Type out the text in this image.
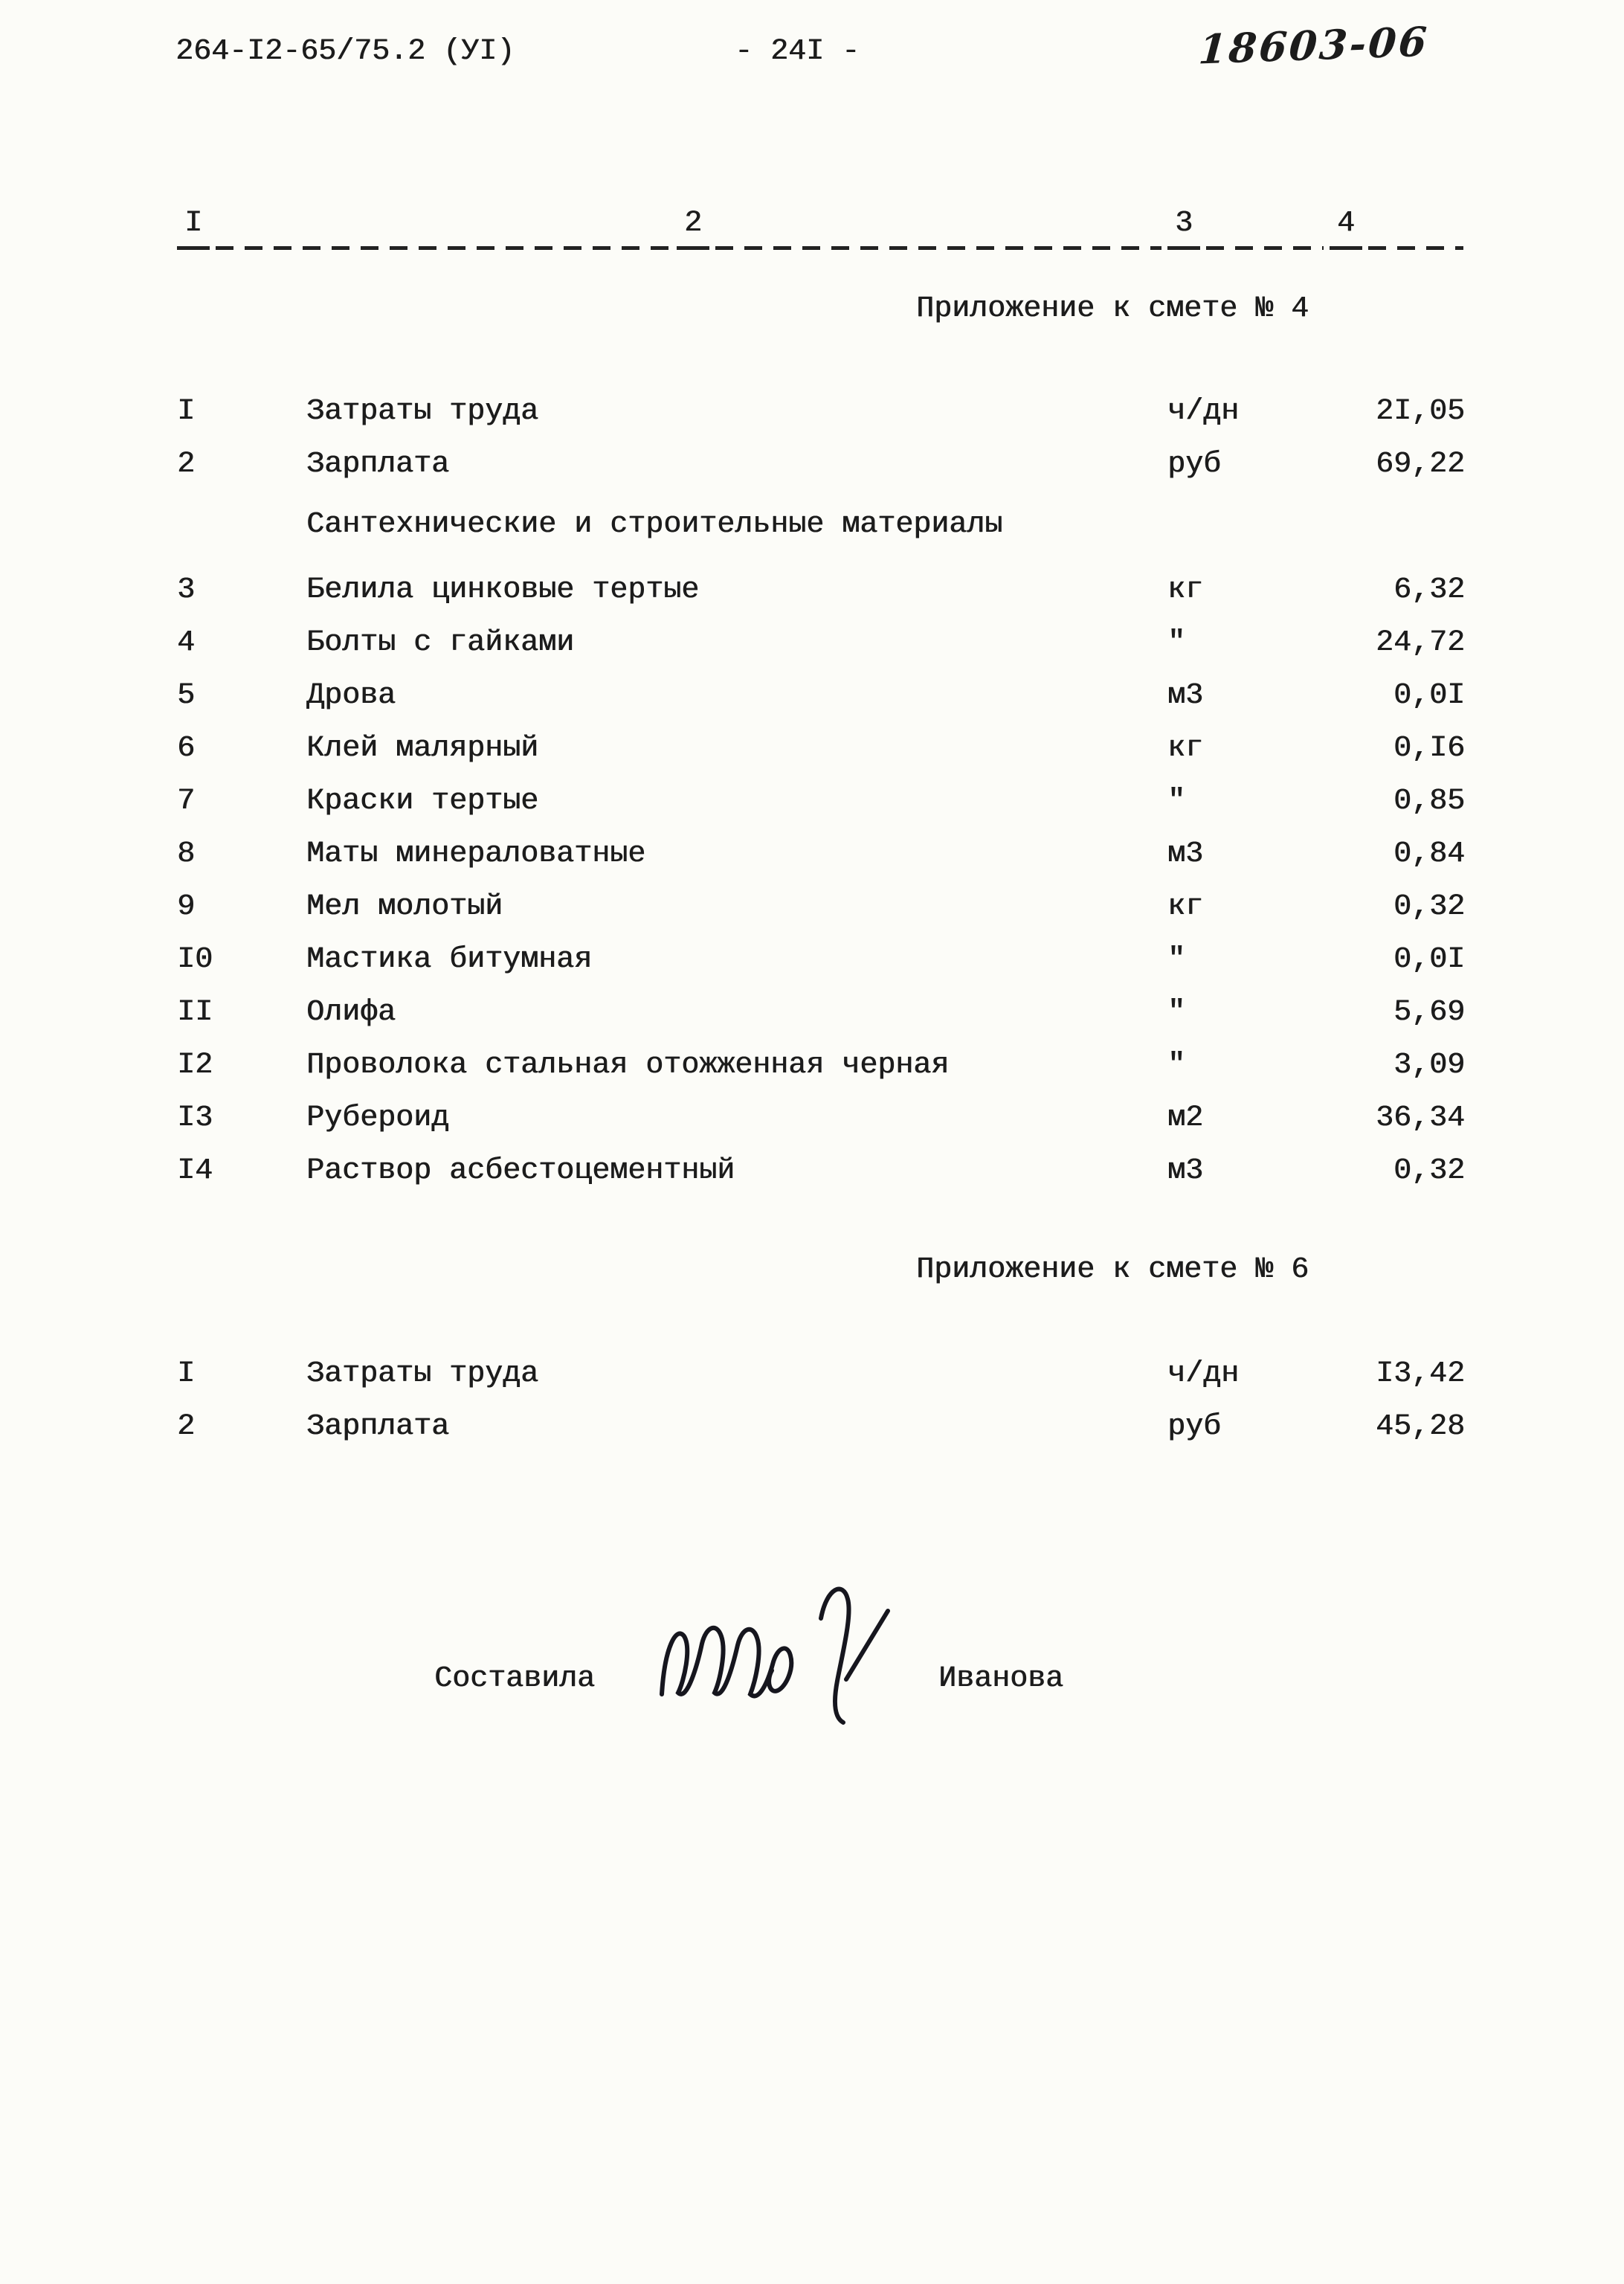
264-I2-65/75.2 (УI)	- 24I -	18603-06
I	2	3	4
Приложение к смете № 4
I	Затраты труда	ч/дн	2I,05
2	Зарплата	руб	69,22
Сантехнические и строительные материалы
3	Белила цинковые тертые	кг	6,32
4	Болты с гайками	"	24,72
5	Дрова	м3	0,0I
6	Клей малярный	кг	0,I6
7	Краски тертые	"	0,85
8	Маты минераловатные	м3	0,84
9	Мел молотый	кг	0,32
I0	Мастика битумная	"	0,0I
II	Олифа	"	5,69
I2	Проволока стальная отожженная черная	"	3,09
I3	Рубероид	м2	36,34
I4	Раствор асбестоцементный	м3	0,32
Приложение к смете № 6
I	Затраты труда	ч/дн	I3,42
2	Зарплата	руб	45,28
Составила	Иванова
